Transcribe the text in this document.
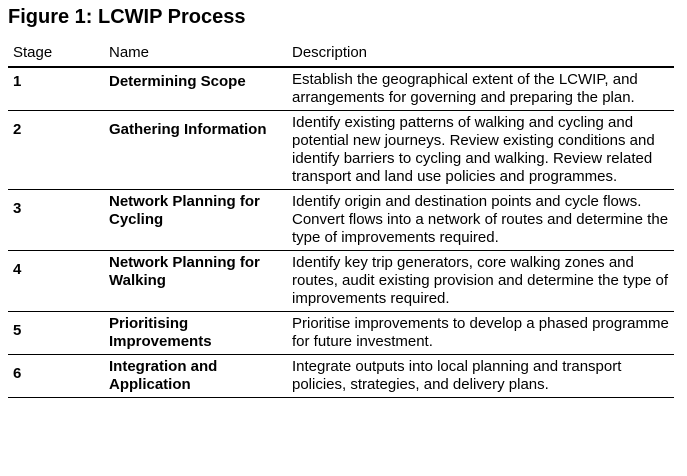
Figure 1: LCWIP Process
Stage	Name	Description
1	Determining Scope	Establish the geographical extent of the LCWIP, and arrangements for governing and preparing the plan.
2	Gathering Information	Identify existing patterns of walking and cycling and potential new journeys. Review existing conditions and identify barriers to cycling and walking. Review related transport and land use policies and programmes.
3	Network Planning for Cycling	Identify origin and destination points and cycle flows. Convert flows into a network of routes and determine the type of improvements required.
4	Network Planning for Walking	Identify key trip generators, core walking zones and routes, audit existing provision and determine the type of improvements required.
5	Prioritising Improvements	Prioritise improvements to develop a phased programme for future investment.
6	Integration and Application	Integrate outputs into local planning and transport policies, strategies, and delivery plans.
